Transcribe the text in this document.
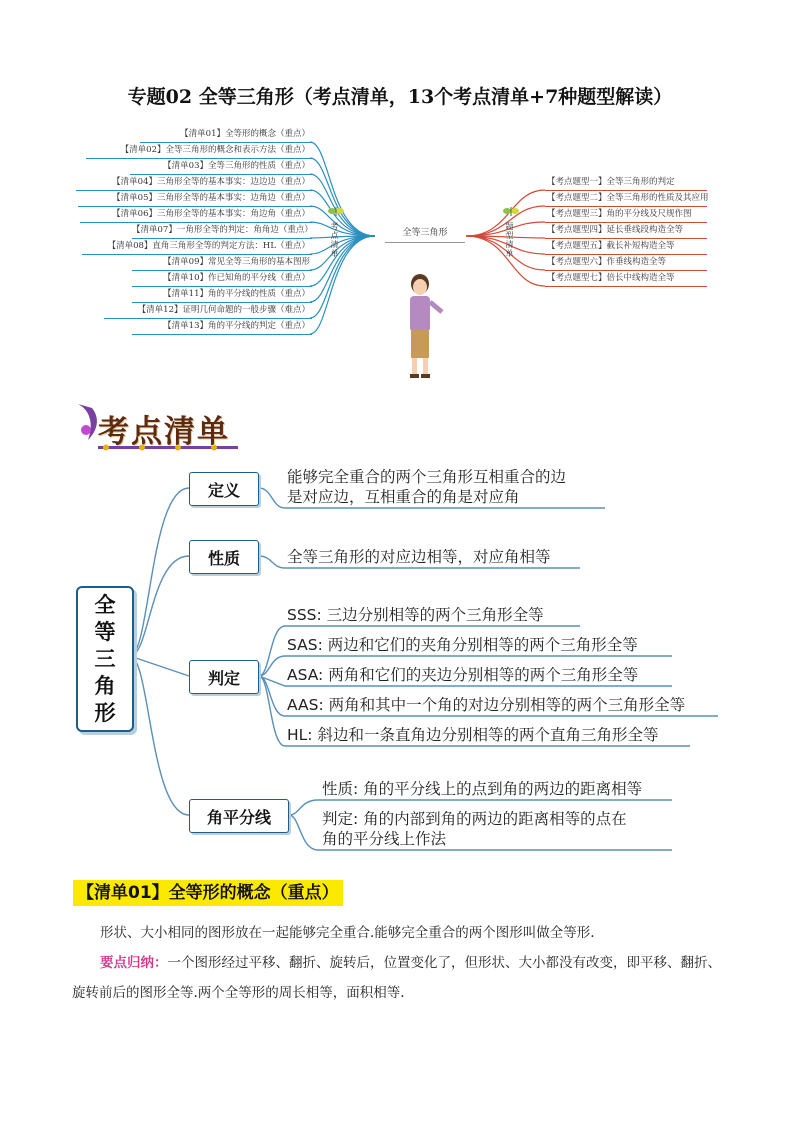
专题02 全等三角形（考点清单，13个考点清单+7种题型解读）
【清单01】全等形的概念（重点）
【清单02】全等三角形的概念和表示方法（重点）
【清单03】全等三角形的性质（重点）
【清单04】三角形全等的基本事实：边边边（重点）
【清单05】三角形全等的基本事实：边角边（重点）
【清单06】三角形全等的基本事实：角边角（重点）
【清单07】一角形全等的判定：角角边（重点）
【清单08】直角三角形全等的判定方法：HL（重点）
【清单09】常见全等三角形的基本图形
【清单10】作已知角的平分线（重点）
【清单11】角的平分线的性质（重点）
【清单12】证明几何命题的一般步骤（难点）
【清单13】角的平分线的判定（重点）
【考点题型一】全等三角形的判定
【考点题型二】全等三角形的性质及其应用
【考点题型三】角的平分线及尺规作图
【考点题型四】延长垂线段构造全等
【考点题型五】截长补短构造全等
【考点题型六】作垂线构造全等
【考点题型七】倍长中线构造全等
考点清单	题型清单
全等三角形
考点清单
全
等
三
角
形
定义
性质
判定
角平分线
能够完全重合的两个三角形互相重合的边
是对应边，互相重合的角是对应角
全等三角形的对应边相等，对应角相等
SSS: 三边分别相等的两个三角形全等
SAS: 两边和它们的夹角分别相等的两个三角形全等
ASA: 两角和它们的夹边分别相等的两个三角形全等
AAS: 两角和其中一个角的对边分别相等的两个三角形全等
HL: 斜边和一条直角边分别相等的两个直角三角形全等
性质: 角的平分线上的点到角的两边的距离相等
判定: 角的内部到角的两边的距离相等的点在
角的平分线上作法
【清单01】全等形的概念（重点）
形状、大小相同的图形放在一起能够完全重合.能够完全重合的两个图形叫做全等形.
要点归纳：一个图形经过平移、翻折、旋转后，位置变化了，但形状、大小都没有改变，即平移、翻折、旋转前后的图形全等.两个全等形的周长相等，面积相等.
